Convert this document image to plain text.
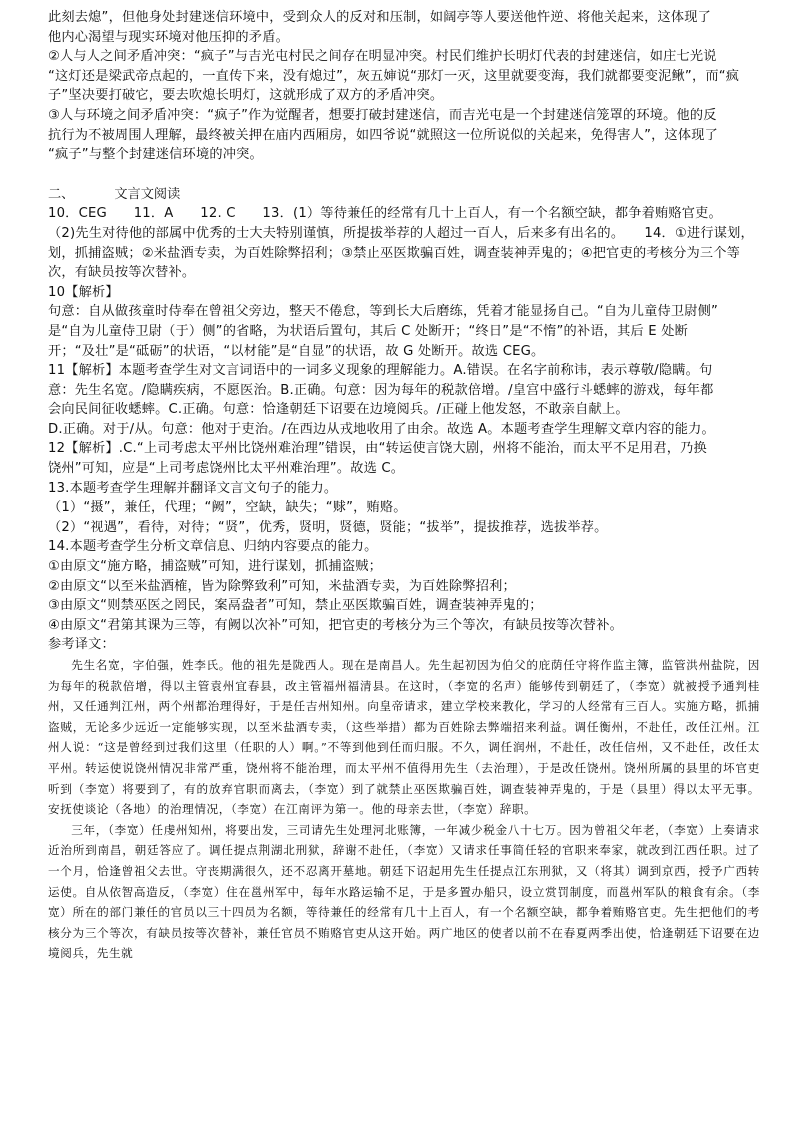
此刻去熄”，但他身处封建迷信环境中，受到众人的反对和压制，如阔亭等人要送他忤逆、将他关起来，这体现了

他内心渴望与现实环境对他压抑的矛盾。

②人与人之间矛盾冲突：“疯子”与吉光屯村民之间存在明显冲突。村民们维护长明灯代表的封建迷信，如庄七光说

“这灯还是梁武帝点起的，一直传下来，没有熄过”，灰五婶说“那灯一灭，这里就要变海，我们就都要变泥鳅”，而“疯

子”坚决要打破它，要去吹熄长明灯，这就形成了双方的矛盾冲突。

③人与环境之间矛盾冲突：“疯子”作为觉醒者，想要打破封建迷信，而吉光屯是一个封建迷信笼罩的环境。他的反

抗行为不被周围人理解，最终被关押在庙内西厢房，如四爷说“就照这一位所说似的关起来，免得害人”，这体现了

“疯子”与整个封建迷信环境的冲突。

二、	文言文阅读

10．CEG　　11．A　　12. C　　13．(1）等待兼任的经常有几十上百人，有一个名额空缺，都争着贿赂官吏。

（2)先生对待他的部属中优秀的士大夫特别谨慎，所提拔举荐的人超过一百人，后来多有出名的。　　14．①进行谋划，

划，抓捕盗贼；②米盐酒专卖，为百姓除弊招利；③禁止巫医欺骗百姓，调查装神弄鬼的；④把官吏的考核分为三个等

次，有缺员按等次替补。

10【解析】

句意：自从做孩童时侍奉在曾祖父旁边，整天不倦怠，等到长大后磨练，凭着才能显扬自己。“自为儿童侍卫尉侧”

是“自为儿童侍卫尉（于）侧”的省略，为状语后置句，其后 C 处断开；“终日”是“不惰”的补语，其后 E 处断

开；“及壮”是“砥砺”的状语，“以材能”是“自显”的状语，故 G 处断开。故选 CEG。

11【解析】本题考查学生对文言词语中的一词多义现象的理解能力。A.错误。在名字前称讳，表示尊敬/隐瞒。句

意：先生名宽。/隐瞒疾病，不愿医治。B.正确。句意：因为每年的税款倍增。/皇宫中盛行斗蟋蟀的游戏，每年都

会向民间征收蟋蟀。C.正确。句意：恰逢朝廷下诏要在边境阅兵。/正碰上他发怒，不敢亲自献上。

D.正确。对于/从。句意：他对于吏治。/在西边从戎地收用了由余。故选 A。本题考查学生理解文章内容的能力。

12【解析】.C.“上司考虑太平州比饶州难治理”错误，由“转运使言饶大剧，州将不能治，而太平不足用君，乃换

饶州”可知，应是“上司考虑饶州比太平州难治理”。故选 C。

13.本题考查学生理解并翻译文言文句子的能力。

（1）“摄”，兼任，代理；“阙”，空缺，缺失；“赇”，贿赂。

（2）“视遇”，看待，对待；“贤”，优秀，贤明，贤德，贤能；“拔举”，提拔推荐，选拔举荐。

14.本题考查学生分析文章信息、归纳内容要点的能力。

①由原文“施方略，捕盗贼”可知，进行谋划，抓捕盗贼；

②由原文“以至米盐酒榷，皆为除弊致利”可知，米盐酒专卖，为百姓除弊招利；

③由原文“则禁巫医之罔民，案鬲盎者”可知，禁止巫医欺骗百姓，调查装神弄鬼的；

④由原文“君第其课为三等，有阙以次补”可知，把官吏的考核分为三个等次，有缺员按等次替补。

参考译文：

先生名宽，字伯强，姓李氏。他的祖先是陇西人。现在是南昌人。先生起初因为伯父的庇荫任守将作监主簿，监管洪州盐院，因为每年的税款倍增，得以主管袁州宜春县，改主管福州福清县。在这时，（李宽的名声）能够传到朝廷了，（李宽）就被授予通判桂州，又任通判江州，两个州都治理得好，于是任吉州知州。向皇帝请求，建立学校来教化，学习的人经常有三百人。实施方略，抓捕盗贼，无论多少远近一定能够实现，以至米盐酒专卖，（这些举措）都为百姓除去弊端招来利益。调任衡州，不赴任，改任江州。江州人说：“这是曾经到过我们这里（任职的人）啊。”不等到他到任而归服。不久，调任润州，不赴任，改任信州，又不赴任，改任太平州。转运使说饶州情况非常严重，饶州将不能治理，而太平州不值得用先生（去治理），于是改任饶州。饶州所属的县里的坏官吏听到（李宽）将要到了，有的放弃官职而离去，（李宽）到了就禁止巫医欺骗百姓，调查装神弄鬼的，于是（县里）得以太平无事。安抚使谈论（各地）的治理情况，（李宽）在江南评为第一。他的母亲去世，（李宽）辞职。

三年，（李宽）任虔州知州，将要出发，三司请先生处理河北账簿，一年减少税金八十七万。因为曾祖父年老，（李宽）上奏请求近治所到南昌，朝廷答应了。调任提点荆湖北刑狱，辞谢不赴任，（李宽）又请求任事简任轻的官职来奉家，就改到江西任职。过了一个月，恰逢曾祖父去世。守丧期满很久，还不忍离开墓地。朝廷下诏起用先生任提点江东刑狱，又（将其）调到京西，授予广西转运使。自从依智高造反，（李宽）住在邕州军中，每年水路运输不足，于是多置办船只，设立赏罚制度，而邕州军队的粮食有余。（李宽）所在的部门兼任的官员以三十四员为名额，等待兼任的经常有几十上百人，有一个名额空缺，都争着贿赂官吏。先生把他们的考核分为三个等次，有缺员按等次替补，兼任官员不贿赂官吏从这开始。两广地区的使者以前不在春夏两季出使，恰逢朝廷下诏要在边境阅兵，先生就
